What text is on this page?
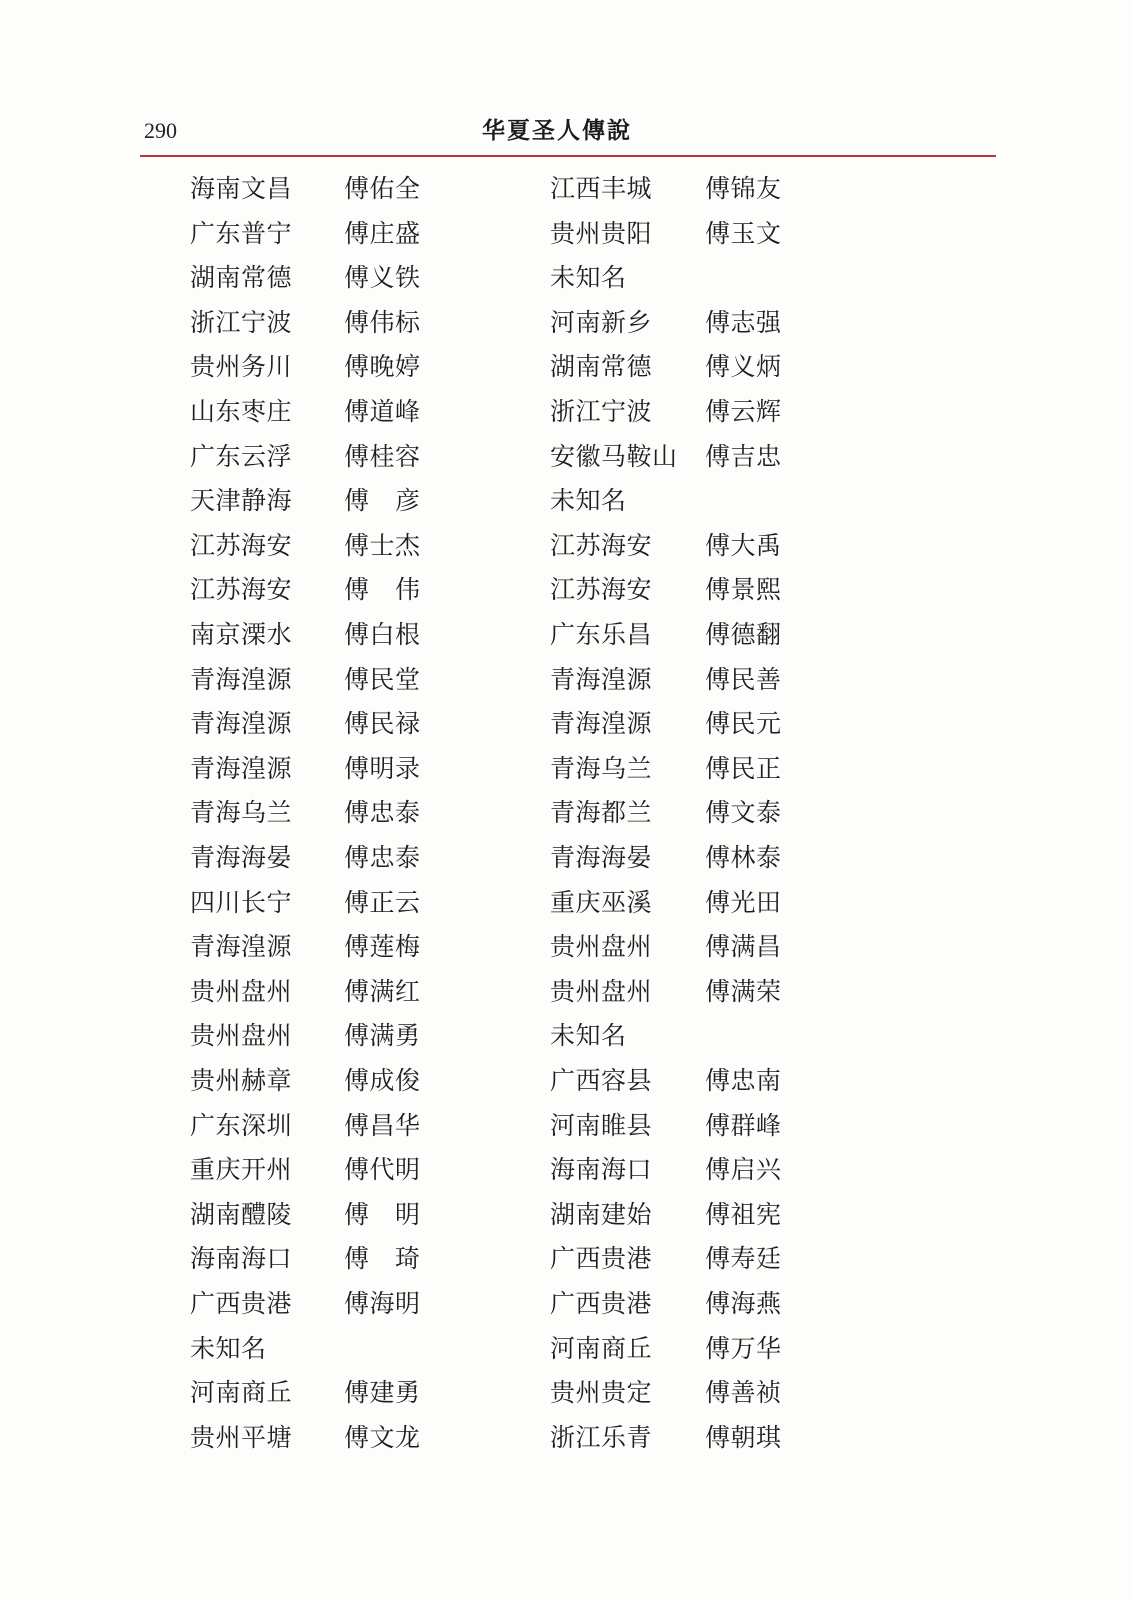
290	华夏圣人傳說
海南文昌 傅佑全
广东普宁 傅庄盛
湖南常德 傅义铁
浙江宁波 傅伟标
贵州务川 傅晚婷
山东枣庄 傅道峰
广东云浮 傅桂容
天津静海 傅　彦
江苏海安 傅士杰
江苏海安 傅　伟
南京溧水 傅白根
青海湟源 傅民堂
青海湟源 傅民禄
青海湟源 傅明录
青海乌兰 傅忠泰
青海海晏 傅忠泰
四川长宁 傅正云
青海湟源 傅莲梅
贵州盘州 傅满红
贵州盘州 傅满勇
贵州赫章 傅成俊
广东深圳 傅昌华
重庆开州 傅代明
湖南醴陵 傅　明
海南海口 傅　琦
广西贵港 傅海明
未知名
河南商丘 傅建勇
贵州平塘 傅文龙
江西丰城 傅锦友
贵州贵阳 傅玉文
未知名
河南新乡 傅志强
湖南常德 傅义炳
浙江宁波 傅云辉
安徽马鞍山 傅吉忠
未知名
江苏海安 傅大禹
江苏海安 傅景熙
广东乐昌 傅德翻
青海湟源 傅民善
青海湟源 傅民元
青海乌兰 傅民正
青海都兰 傅文泰
青海海晏 傅林泰
重庆巫溪 傅光田
贵州盘州 傅满昌
贵州盘州 傅满荣
未知名
广西容县 傅忠南
河南睢县 傅群峰
海南海口 傅启兴
湖南建始 傅祖宪
广西贵港 傅寿廷
广西贵港 傅海燕
河南商丘 傅万华
贵州贵定 傅善祯
浙江乐青 傅朝琪
